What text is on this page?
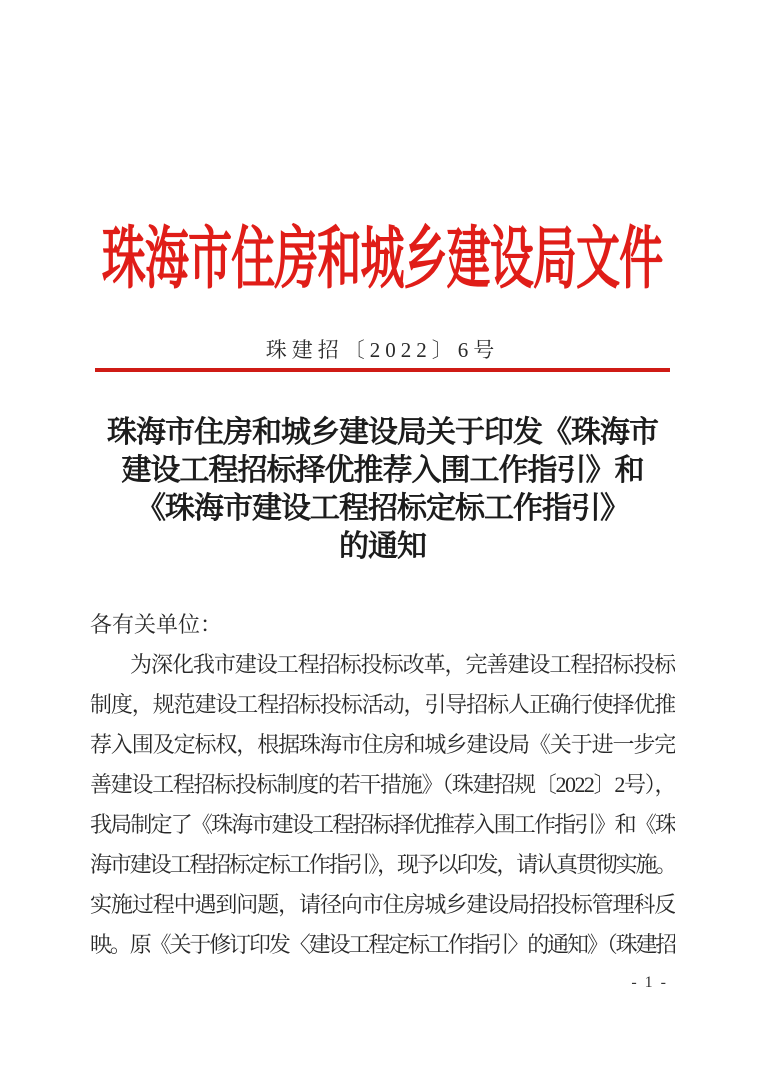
珠海市住房和城乡建设局文件
珠建招〔2022〕6号
珠海市住房和城乡建设局关于印发《珠海市
建设工程招标择优推荐入围工作指引》和
《珠海市建设工程招标定标工作指引》
的通知
各有关单位：
为深化我市建设工程招标投标改革，完善建设工程招标投标
制度，规范建设工程招标投标活动，引导招标人正确行使择优推
荐入围及定标权，根据珠海市住房和城乡建设局《关于进一步完
善建设工程招标投标制度的若干措施》（珠建招规〔2022〕2号），
我局制定了《珠海市建设工程招标择优推荐入围工作指引》和《珠
海市建设工程招标定标工作指引》，现予以印发，请认真贯彻实施。
实施过程中遇到问题，请径向市住房城乡建设局招投标管理科反
映。原《关于修订印发〈建设工程定标工作指引〉的通知》（珠建招
- 1 -
